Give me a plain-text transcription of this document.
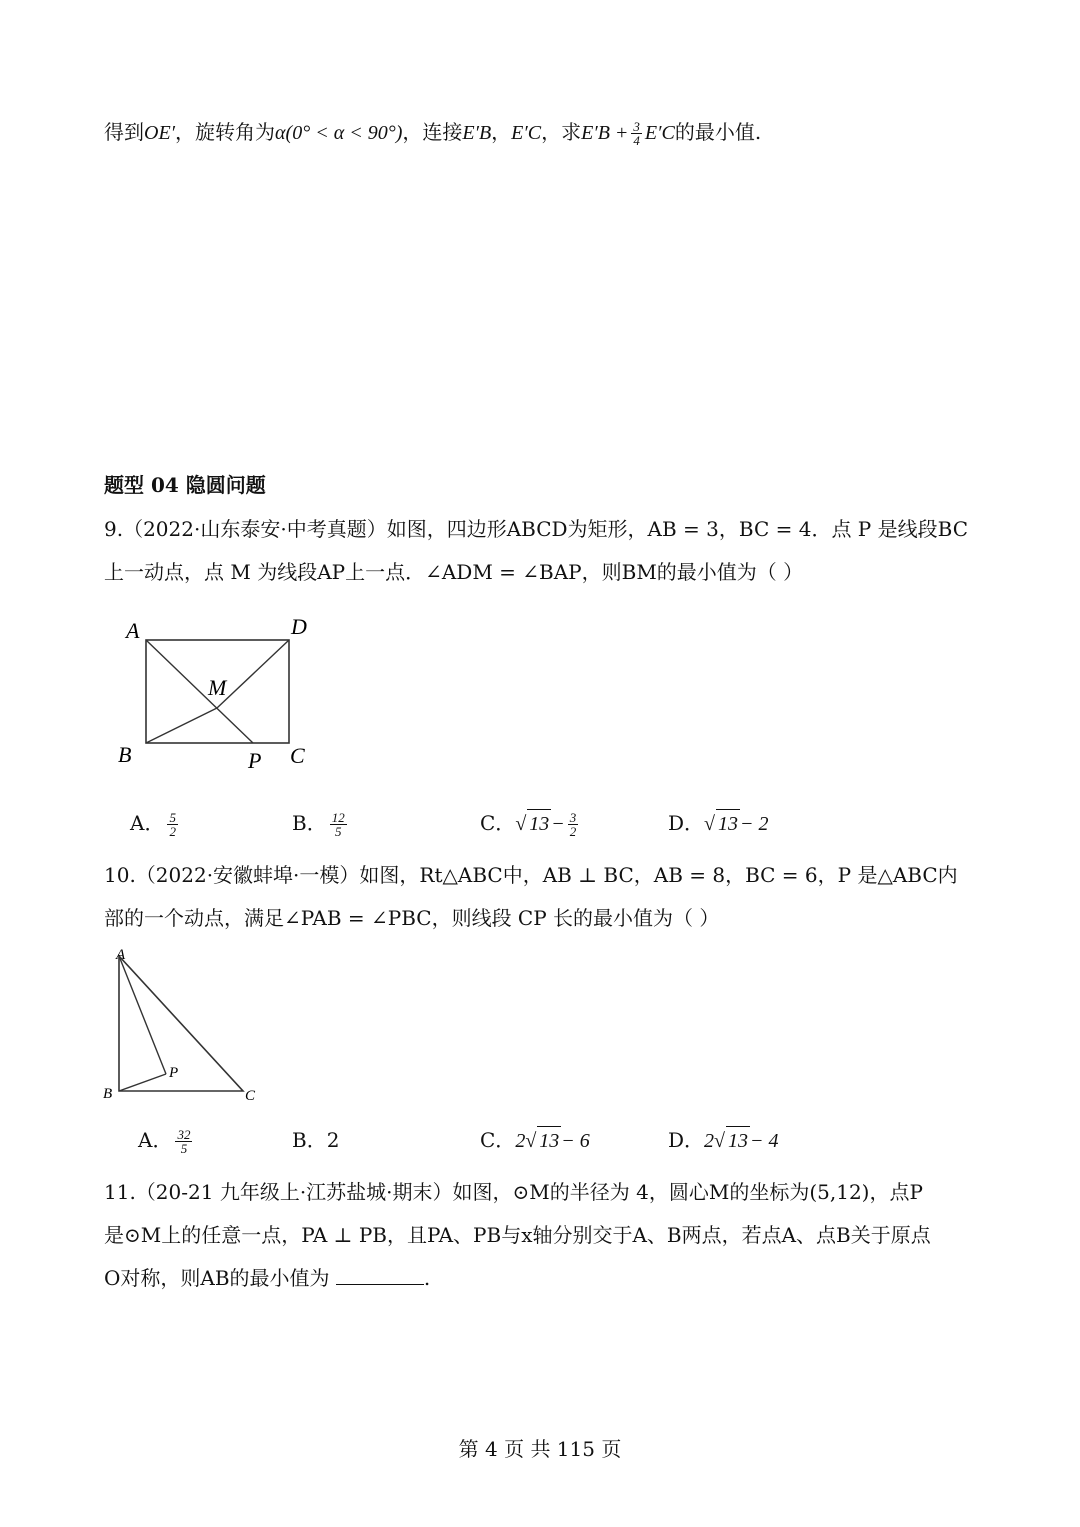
得到OE′，旋转角为α(0° < α < 90°)，连接E′B，E′C，求$E'B + \frac{3}{4} E'C$的最小值.
题型 04 隐圆问题
9.（2022·山东泰安·中考真题）如图，四边形ABCD为矩形，AB = 3，BC = 4．点 P 是线段BC
上一动点，点 M 为线段AP上一点．∠ADM = ∠BAP，则BM的最小值为（ ）
A	D
M
B	P C
A． $\frac{5}{2}$	B． $\frac{12}{5}$	C．√ $13 - \frac{3}{2}$	D．√ 13 − 2
10.（2022·安徽蚌埠·一模）如图，Rt△ABC中，AB ⊥ BC，AB = 8，BC = 6，P 是△ABC内
部的一个动点，满足∠PAB = ∠PBC，则线段 CP 长的最小值为（ ）
A
P
B	C
A． $\frac{32}{5}$	B．2	C．2√ 13 − 6	D．2√ 13 − 4
11.（20-21 九年级上·江苏盐城·期末）如图，⊙M的半径为 4，圆心M的坐标为(5,12)，点P
是⊙M上的任意一点，PA ⊥ PB，且PA、PB与x轴分别交于A、B两点，若点A、点B关于原点
O对称，则AB的最小值为	.
第 4 页 共 115 页
